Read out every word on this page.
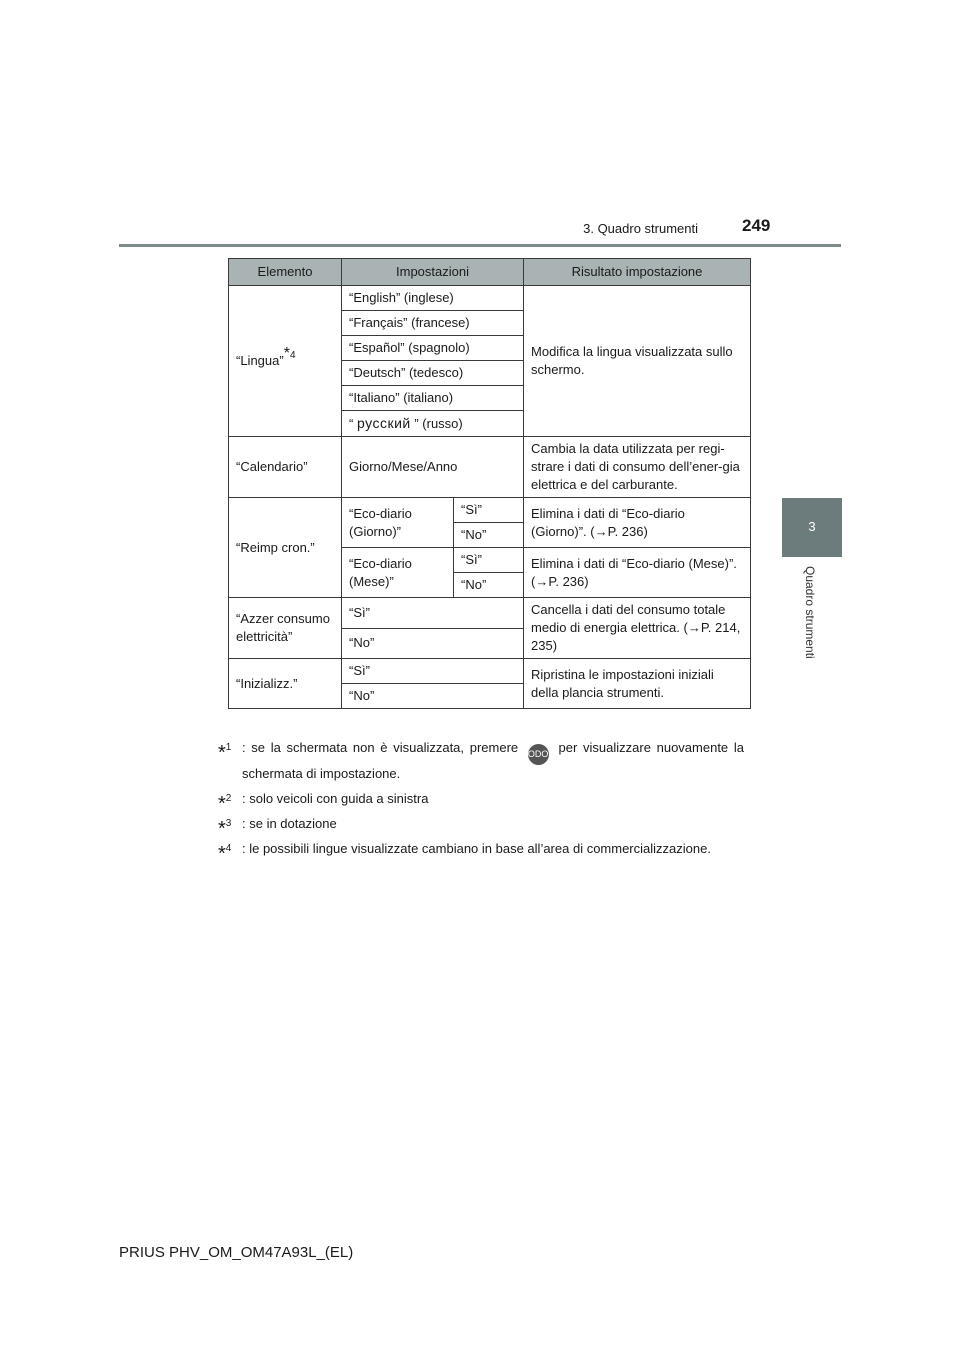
3. Quadro strumenti	249
3
Quadro strumenti
Elemento	Impostazioni		Risultato impostazione
“Lingua”$^{*4}$	“English” (inglese)		Modifica la lingua visualizzata sullo schermo.
	“Français” (francese)		
	“Español” (spagnolo)		
	“Deutsch” (tedesco)		
	“Italiano” (italiano)		
	“ русский ” (russo)		
“Calendario”	Giorno/Mese/Anno		Cambia la data utilizzata per regi-strare i dati di consumo dell’ener-gia elettrica e del carburante.
“Reimp cron.”	“Eco-diario (Giorno)”	“Sì”	Elimina i dati di “Eco-diario (Giorno)”. (→P. 236)
		“No”	
	“Eco-diario (Mese)”	“Sì”	Elimina i dati di “Eco-diario (Mese)”. (→P. 236)
		“No”	
“Azzer consumo elettricità”	“Sì”		Cancella i dati del consumo totale medio di energia elettrica. (→P. 214, 235)
	“No”		
“Inizializz.”	“Sì”		Ripristina le impostazioni iniziali della plancia strumenti.
	“No”		
*$^1$ : se la schermata non è visualizzata, premere ODO per visualizzare nuovamente la schermata di impostazione.
*$^2$ : solo veicoli con guida a sinistra
*$^3$ : se in dotazione
*$^4$ : le possibili lingue visualizzate cambiano in base all’area di commercializzazione.
PRIUS PHV_OM_OM47A93L_(EL)
